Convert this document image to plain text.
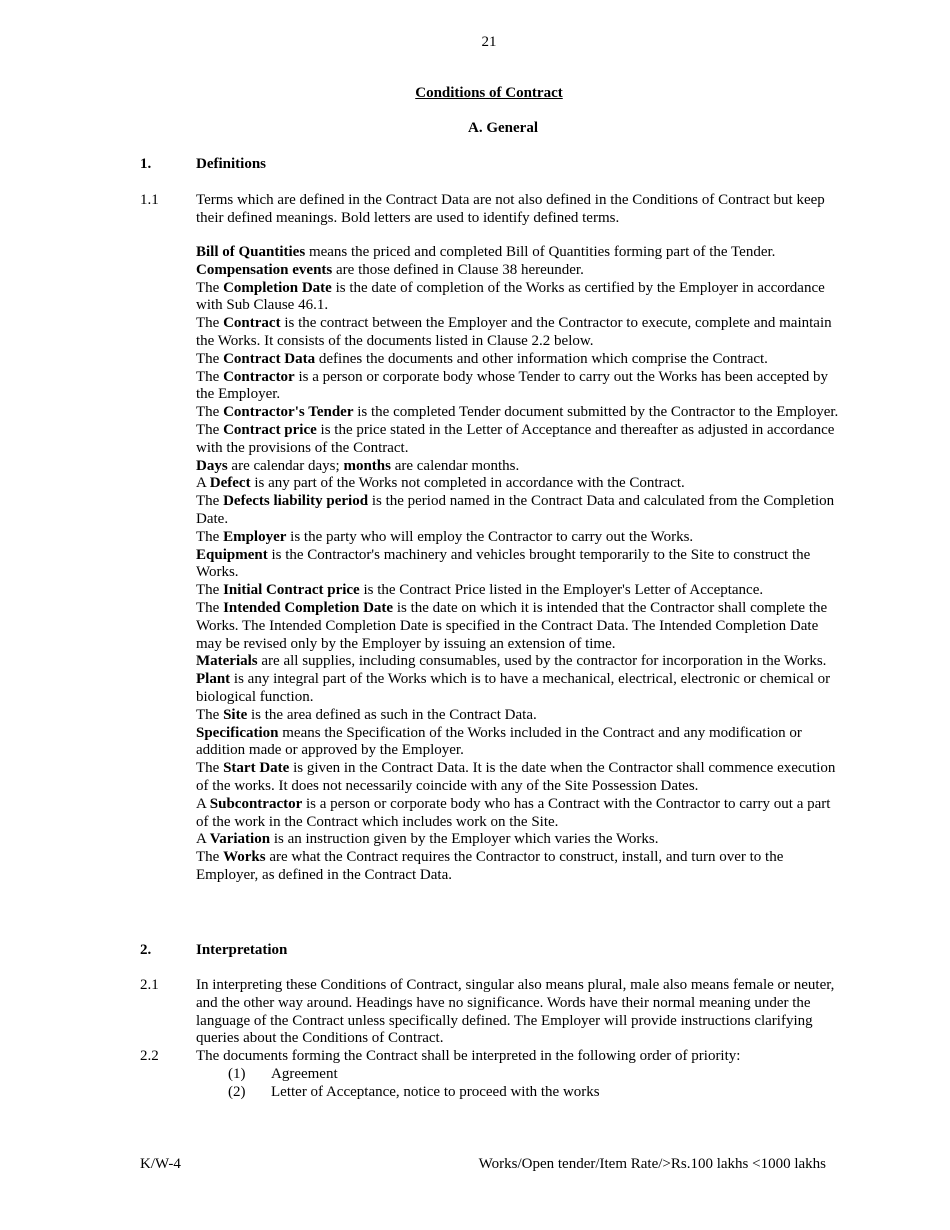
21
Conditions of Contract
A. General
1.	Definitions
1.1 Terms which are defined in the Contract Data are not also defined in the Conditions of Contract but keep their defined meanings. Bold letters are used to identify defined terms.

Bill of Quantities means the priced and completed Bill of Quantities forming part of the Tender.

Compensation events are those defined in Clause 38 hereunder.

The Completion Date is the date of completion of the Works as certified by the Employer in accordance with Sub Clause 46.1.

The Contract is the contract between the Employer and the Contractor to execute, complete and maintain the Works. It consists of the documents listed in Clause 2.2 below.

The Contract Data defines the documents and other information which comprise the Contract.

The Contractor is a person or corporate body whose Tender to carry out the Works has been accepted by the Employer.

The Contractor's Tender is the completed Tender document submitted by the Contractor to the Employer.

The Contract price is the price stated in the Letter of Acceptance and thereafter as adjusted in accordance with the provisions of the Contract.

Days are calendar days; months are calendar months.

A Defect is any part of the Works not completed in accordance with the Contract.

The Defects liability period is the period named in the Contract Data and calculated from the Completion Date.

The Employer is the party who will employ the Contractor to carry out the Works.

Equipment is the Contractor's machinery and vehicles brought temporarily to the Site to construct the Works.

The Initial Contract price is the Contract Price listed in the Employer's Letter of Acceptance.

The Intended Completion Date is the date on which it is intended that the Contractor shall complete the Works. The Intended Completion Date is specified in the Contract Data. The Intended Completion Date may be revised only by the Employer by issuing an extension of time.

Materials are all supplies, including consumables, used by the contractor for incorporation in the Works.

Plant is any integral part of the Works which is to have a mechanical, electrical, electronic or chemical or biological function.

The Site is the area defined as such in the Contract Data.

Specification means the Specification of the Works included in the Contract and any modification or addition made or approved by the Employer.

The Start Date is given in the Contract Data. It is the date when the Contractor shall commence execution of the works. It does not necessarily coincide with any of the Site Possession Dates.

A Subcontractor is a person or corporate body who has a Contract with the Contractor to carry out a part of the work in the Contract which includes work on the Site.

A Variation is an instruction given by the Employer which varies the Works.

The Works are what the Contract requires the Contractor to construct, install, and turn over to the Employer, as defined in the Contract Data.

2.	Interpretation
2.1 In interpreting these Conditions of Contract, singular also means plural, male also means female or neuter, and the other way around. Headings have no significance. Words have their normal meaning under the language of the Contract unless specifically defined. The Employer will provide instructions clarifying queries about the Conditions of Contract.
2.2 The documents forming the Contract shall be interpreted in the following order of priority:
(1) Agreement
(2) Letter of Acceptance, notice to proceed with the works
K/W-4	Works/Open tender/Item Rate/>Rs.100 lakhs <1000 lakhs
